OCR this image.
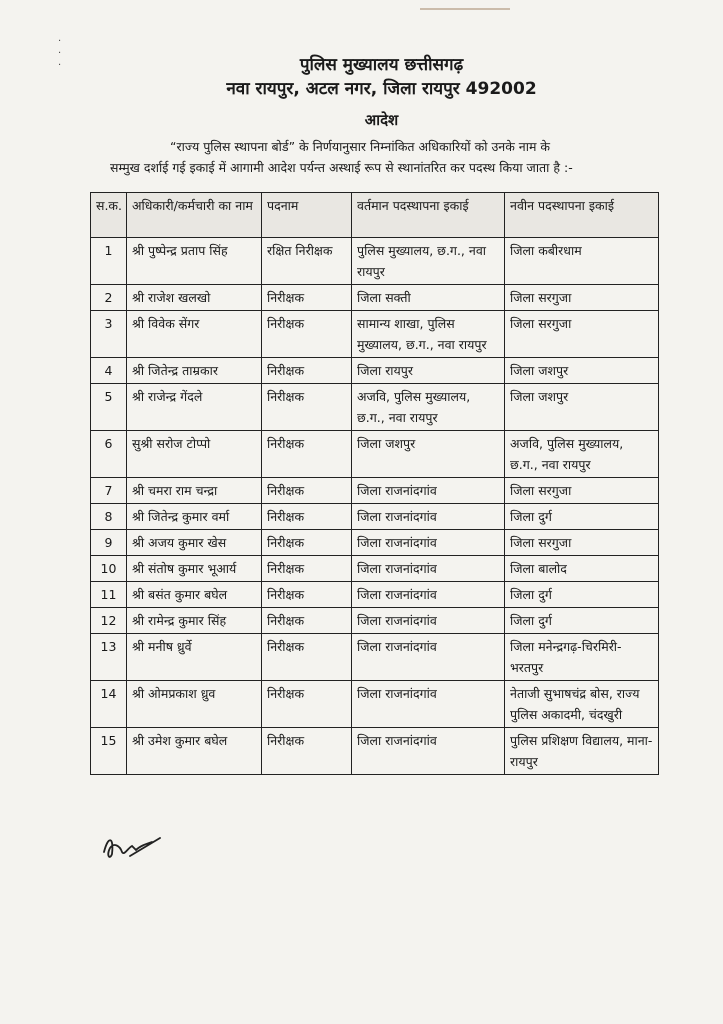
·
·
·	पुलिस मुख्यालय छत्तीसगढ़
नवा रायपुर, अटल नगर, जिला रायपुर 492002
आदेश
“राज्य पुलिस स्थापना बोर्ड” के निर्णयानुसार निम्नांकित अधिकारियों को उनके नाम के
सम्मुख दर्शाई गई इकाई में आगामी आदेश पर्यन्त अस्थाई रूप से स्थानांतरित कर पदस्थ किया जाता है :-
स.क.	अधिकारी/कर्मचारी का नाम	पदनाम	वर्तमान पदस्थापना इकाई	नवीन पदस्थापना इकाई
1	श्री पुष्पेन्द्र प्रताप सिंह	रक्षित निरीक्षक	पुलिस मुख्यालय, छ.ग., नवा रायपुर	जिला कबीरधाम
2	श्री राजेश खलखो	निरीक्षक	जिला सक्ती	जिला सरगुजा
3	श्री विवेक सेंगर	निरीक्षक	सामान्य शाखा, पुलिस मुख्यालय, छ.ग., नवा रायपुर	जिला सरगुजा
4	श्री जितेन्द्र ताम्रकार	निरीक्षक	जिला रायपुर	जिला जशपुर
5	श्री राजेन्द्र गेंदले	निरीक्षक	अजवि, पुलिस मुख्यालय, छ.ग., नवा रायपुर	जिला जशपुर
6	सुश्री सरोज टोप्पो	निरीक्षक	जिला जशपुर	अजवि, पुलिस मुख्यालय, छ.ग., नवा रायपुर
7	श्री चमरा राम चन्द्रा	निरीक्षक	जिला राजनांदगांव	जिला सरगुजा
8	श्री जितेन्द्र कुमार वर्मा	निरीक्षक	जिला राजनांदगांव	जिला दुर्ग
9	श्री अजय कुमार खेस	निरीक्षक	जिला राजनांदगांव	जिला सरगुजा
10	श्री संतोष कुमार भूआर्य	निरीक्षक	जिला राजनांदगांव	जिला बालोद
11	श्री बसंत कुमार बघेल	निरीक्षक	जिला राजनांदगांव	जिला दुर्ग
12	श्री रामेन्द्र कुमार सिंह	निरीक्षक	जिला राजनांदगांव	जिला दुर्ग
13	श्री मनीष ध्रुर्वे	निरीक्षक	जिला राजनांदगांव	जिला मनेन्द्रगढ़-चिरमिरी-भरतपुर
14	श्री ओमप्रकाश ध्रुव	निरीक्षक	जिला राजनांदगांव	नेताजी सुभाषचंद्र बोस, राज्य पुलिस अकादमी, चंदखुरी
15	श्री उमेश कुमार बघेल	निरीक्षक	जिला राजनांदगांव	पुलिस प्रशिक्षण विद्यालय, माना-रायपुर
